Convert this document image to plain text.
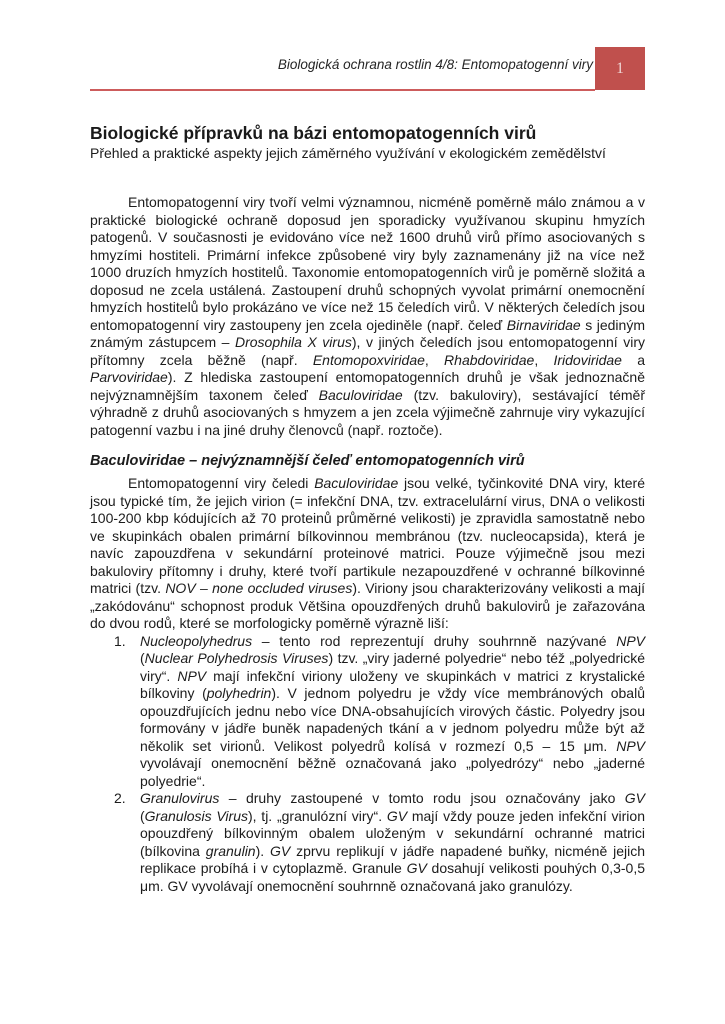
Biologická ochrana rostlin 4/8: Entomopatogenní viry 1
Biologické přípravků na bázi entomopatogenních virů

Přehled a praktické aspekty jejich záměrného využívání v ekologickém zemědělství

Entomopatogenní viry tvoří velmi významnou, nicméně poměrně málo známou a v praktické biologické ochraně doposud jen sporadicky využívanou skupinu hmyzích patogenů. V současnosti je evidováno více než 1600 druhů virů přímo asociovaných s hmyzími hostiteli. Primární infekce způsobené viry byly zaznamenány již na více než 1000 druzích hmyzích hostitelů. Taxonomie entomopatogenních virů je poměrně složitá a doposud ne zcela ustálená. Zastoupení druhů schopných vyvolat primární onemocnění hmyzích hostitelů bylo prokázáno ve více než 15 čeledích virů. V některých čeledích jsou entomopatogenní viry zastoupeny jen zcela ojediněle (např. čeleď Birnaviridae s jediným známým zástupcem – Drosophila X virus), v jiných čeledích jsou entomopatogenní viry přítomny zcela běžně (např. Entomopoxviridae, Rhabdoviridae, Iridoviridae a Parvoviridae). Z hlediska zastoupení entomopatogenních druhů je však jednoznačně nejvýznamnějším taxonem čeleď Baculoviridae (tzv. bakuloviry), sestávající téměř výhradně z druhů asociovaných s hmyzem a jen zcela výjimečně zahrnuje viry vykazující patogenní vazbu i na jiné druhy členovců (např. roztoče).

Baculoviridae – nejvýznamnější čeleď entomopatogenních virů

Entomopatogenní viry čeledi Baculoviridae jsou velké, tyčinkovité DNA viry, které jsou typické tím, že jejich virion (= infekční DNA, tzv. extracelulární virus, DNA o velikosti 100-200 kbp kódujících až 70 proteinů průměrné velikosti) je zpravidla samostatně nebo ve skupinkách obalen primární bílkovinnou membránou (tzv. nucleocapsida), která je navíc zapouzdřena v sekundární proteinové matrici. Pouze výjimečně jsou mezi bakuloviry přítomny i druhy, které tvoří partikule nezapouzdřené v ochranné bílkovinné matrici (tzv. NOV – none occluded viruses). Viriony jsou charakterizovány velikosti a mají „zakódovánu“ schopnost produk Většina opouzdřených druhů bakulovirů je zařazována do dvou rodů, které se morfologicky poměrně výrazně liší:

1.	Nucleopolyhedrus – tento rod reprezentují druhy souhrnně nazývané NPV (Nuclear Polyhedrosis Viruses) tzv. „viry jaderné polyedrie“ nebo též „polyedrické viry“. NPV mají infekční viriony uloženy ve skupinkách v matrici z krystalické bílkoviny (polyhedrin). V jednom polyedru je vždy více membránových obalů opouzdřujících jednu nebo více DNA-obsahujících virových částic. Polyedry jsou formovány v jádře buněk napadených tkání a v jednom polyedru může být až několik set virionů. Velikost polyedrů kolísá v rozmezí 0,5 – 15 μm. NPV vyvolávají onemocnění běžně označovaná jako „polyedrózy“ nebo „jaderné polyedrie“.
2.	Granulovirus – druhy zastoupené v tomto rodu jsou označovány jako GV (Granulosis Virus), tj. „granulózní viry“. GV mají vždy pouze jeden infekční virion opouzdřený bílkovinným obalem uloženým v sekundární ochranné matrici (bílkovina granulin). GV zprvu replikují v jádře napadené buňky, nicméně jejich replikace probíhá i v cytoplazmě. Granule GV dosahují velikosti pouhých 0,3-0,5 μm. GV vyvolávají onemocnění souhrnně označovaná jako granulózy.
